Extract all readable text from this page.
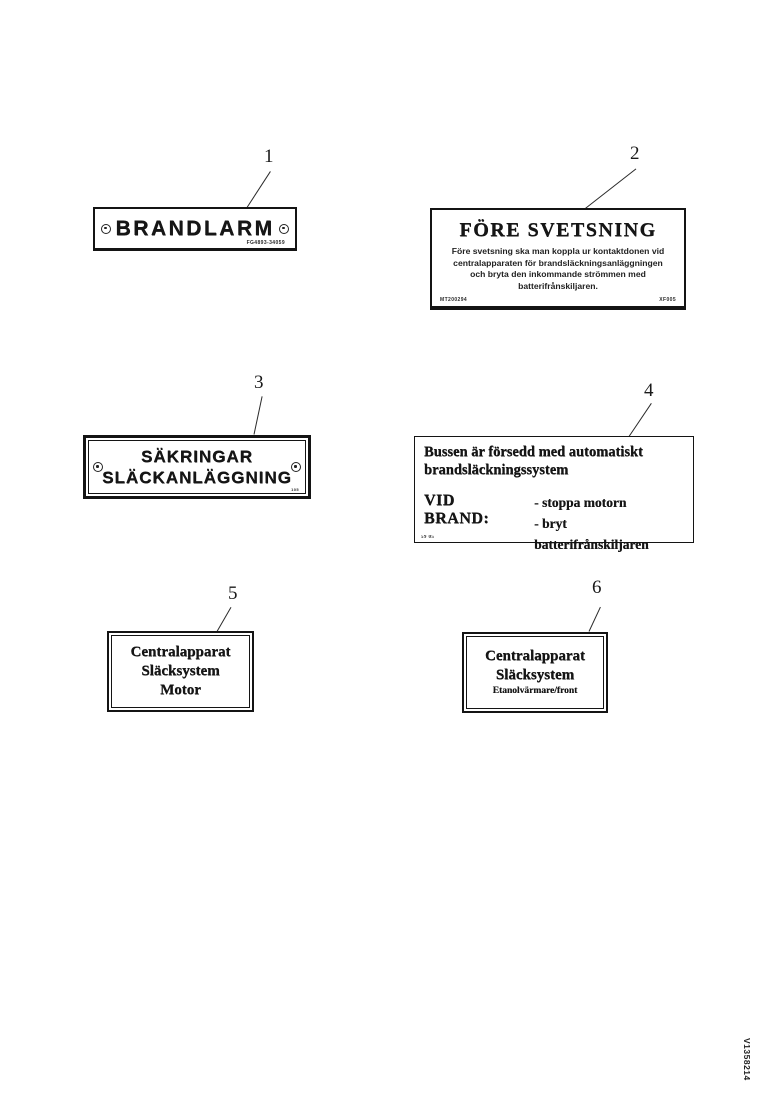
1	2
3	4
5	6
BRANDLARM
FG4893-34059
FÖRE SVETSNING
Före svetsning ska man koppla ur kontaktdonen vid
centralapparaten för brandsläckningsanläggningen
och bryta den inkommande strömmen med batterifrånskiljaren.
MT200294	XF005
SÄKRINGAR
SLÄCKANLÄGGNING
105
Bussen är försedd med automatiskt
brandsläckningssystem
VID BRAND:
- stoppa motorn
- bryt batterifrånskiljaren
59 05
Centralapparat
Släcksystem
Motor
Centralapparat
Släcksystem
Etanolvärmare/front
V1358214
